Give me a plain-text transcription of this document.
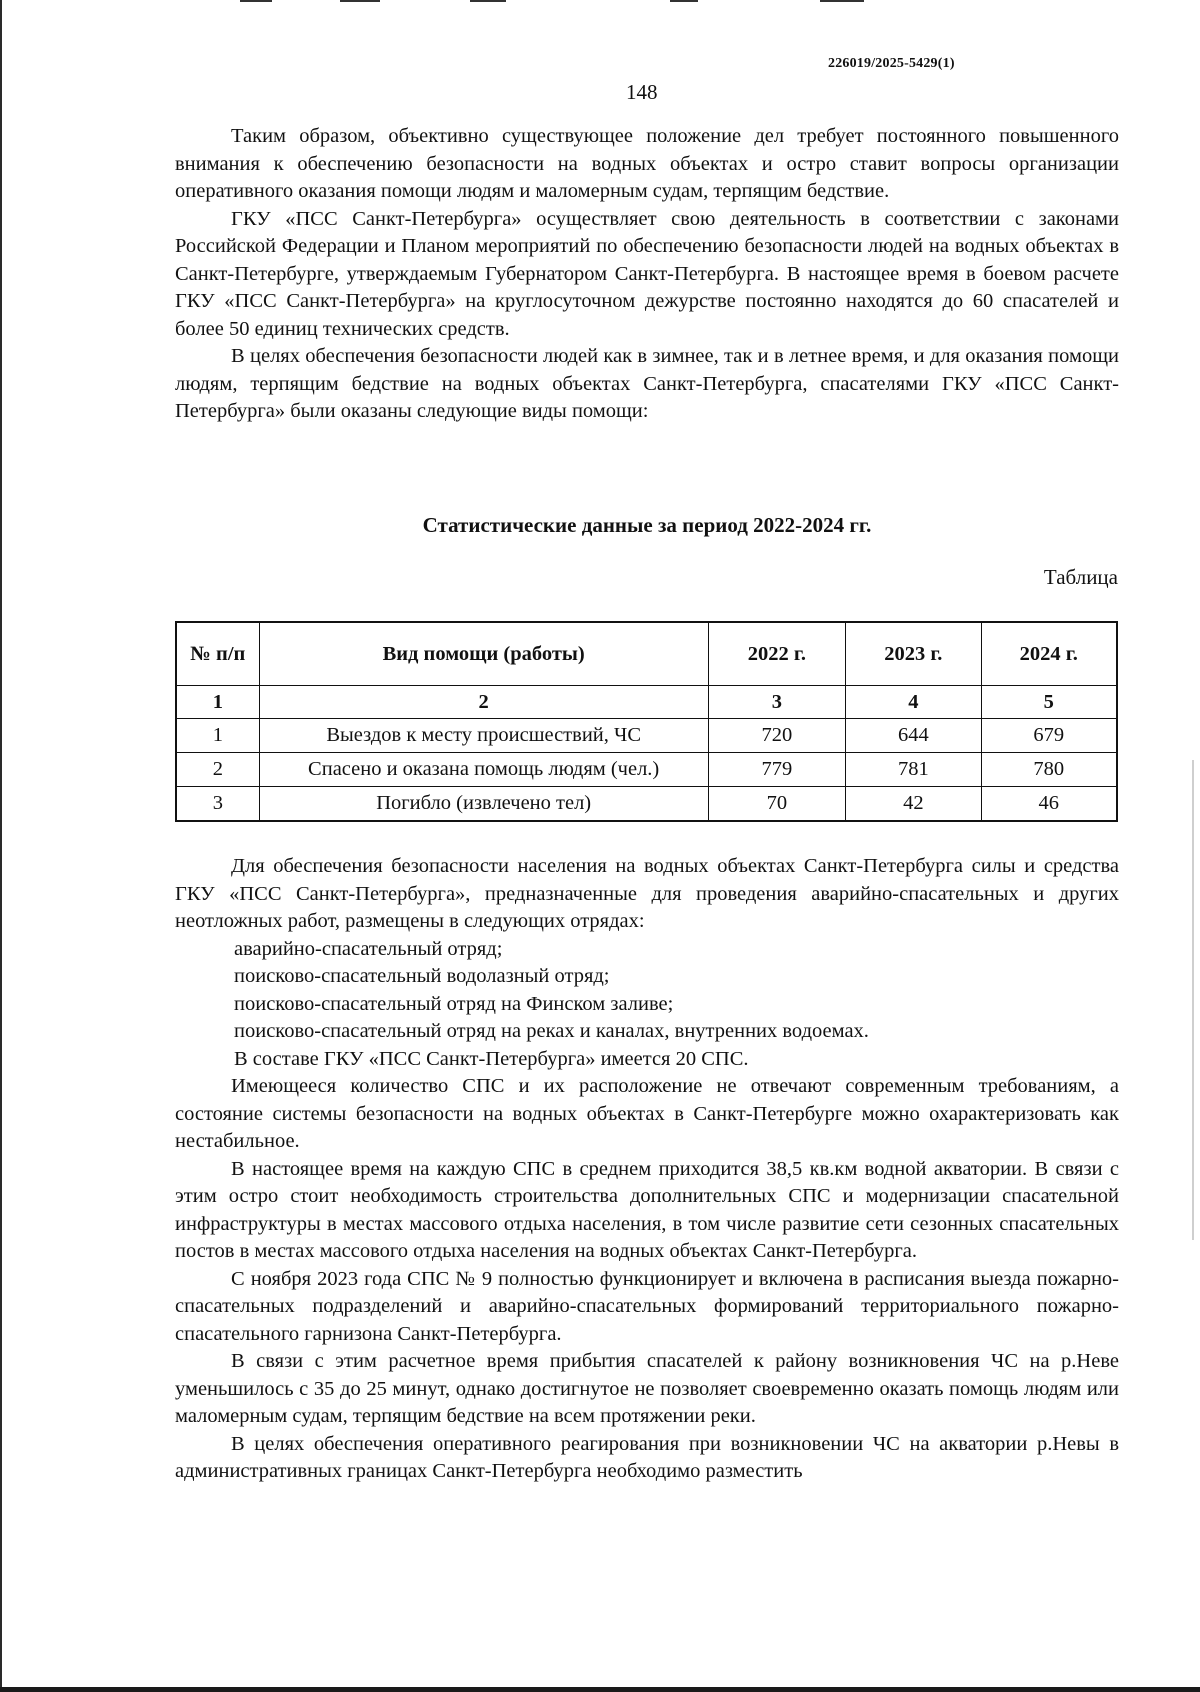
226019/2025-5429(1)
148

Таким образом, объективно существующее положение дел требует постоянного повышенного внимания к обеспечению безопасности на водных объектах и остро ставит вопросы организации оперативного оказания помощи людям и маломерным судам, терпящим бедствие.

ГКУ «ПСС Санкт-Петербурга» осуществляет свою деятельность в соответствии с законами Российской Федерации и Планом мероприятий по обеспечению безопасности людей на водных объектах в Санкт-Петербурге, утверждаемым Губернатором Санкт-Петербурга. В настоящее время в боевом расчете ГКУ «ПСС Санкт-Петербурга» на круглосуточном дежурстве постоянно находятся до 60 спасателей и более 50 единиц технических средств.

В целях обеспечения безопасности людей как в зимнее, так и в летнее время, и для оказания помощи людям, терпящим бедствие на водных объектах Санкт-Петербурга, спасателями ГКУ «ПСС Санкт-Петербурга» были оказаны следующие виды помощи:

Статистические данные за период 2022-2024 гг.
Таблица
№ п/п	Вид помощи (работы)	2022 г.	2023 г.	2024 г.
1	2	3	4	5
1	Выездов к месту происшествий, ЧС	720	644	679
2	Спасено и оказана помощь людям (чел.)	779	781	780
3	Погибло (извлечено тел)	70	42	46

Для обеспечения безопасности населения на водных объектах Санкт-Петербурга силы и средства ГКУ «ПСС Санкт-Петербурга», предназначенные для проведения аварийно-спасательных и других неотложных работ, размещены в следующих отрядах:

аварийно-спасательный отряд;

поисково-спасательный водолазный отряд;

поисково-спасательный отряд на Финском заливе;

поисково-спасательный отряд на реках и каналах, внутренних водоемах.

В составе ГКУ «ПСС Санкт-Петербурга» имеется 20 СПС.

Имеющееся количество СПС и их расположение не отвечают современным требованиям, а состояние системы безопасности на водных объектах в Санкт-Петербурге можно охарактеризовать как нестабильное.

В настоящее время на каждую СПС в среднем приходится 38,5 кв.км водной акватории. В связи с этим остро стоит необходимость строительства дополнительных СПС и модернизации спасательной инфраструктуры в местах массового отдыха населения, в том числе развитие сети сезонных спасательных постов в местах массового отдыха населения на водных объектах Санкт-Петербурга.

С ноября 2023 года СПС № 9 полностью функционирует и включена в расписания выезда пожарно-спасательных подразделений и аварийно-спасательных формирований территориального пожарно-спасательного гарнизона Санкт-Петербурга.

В связи с этим расчетное время прибытия спасателей к району возникновения ЧС на р.Неве уменьшилось с 35 до 25 минут, однако достигнутое не позволяет своевременно оказать помощь людям или маломерным судам, терпящим бедствие на всем протяжении реки.

В целях обеспечения оперативного реагирования при возникновении ЧС на акватории р.Невы в административных границах Санкт-Петербурга необходимо разместить
